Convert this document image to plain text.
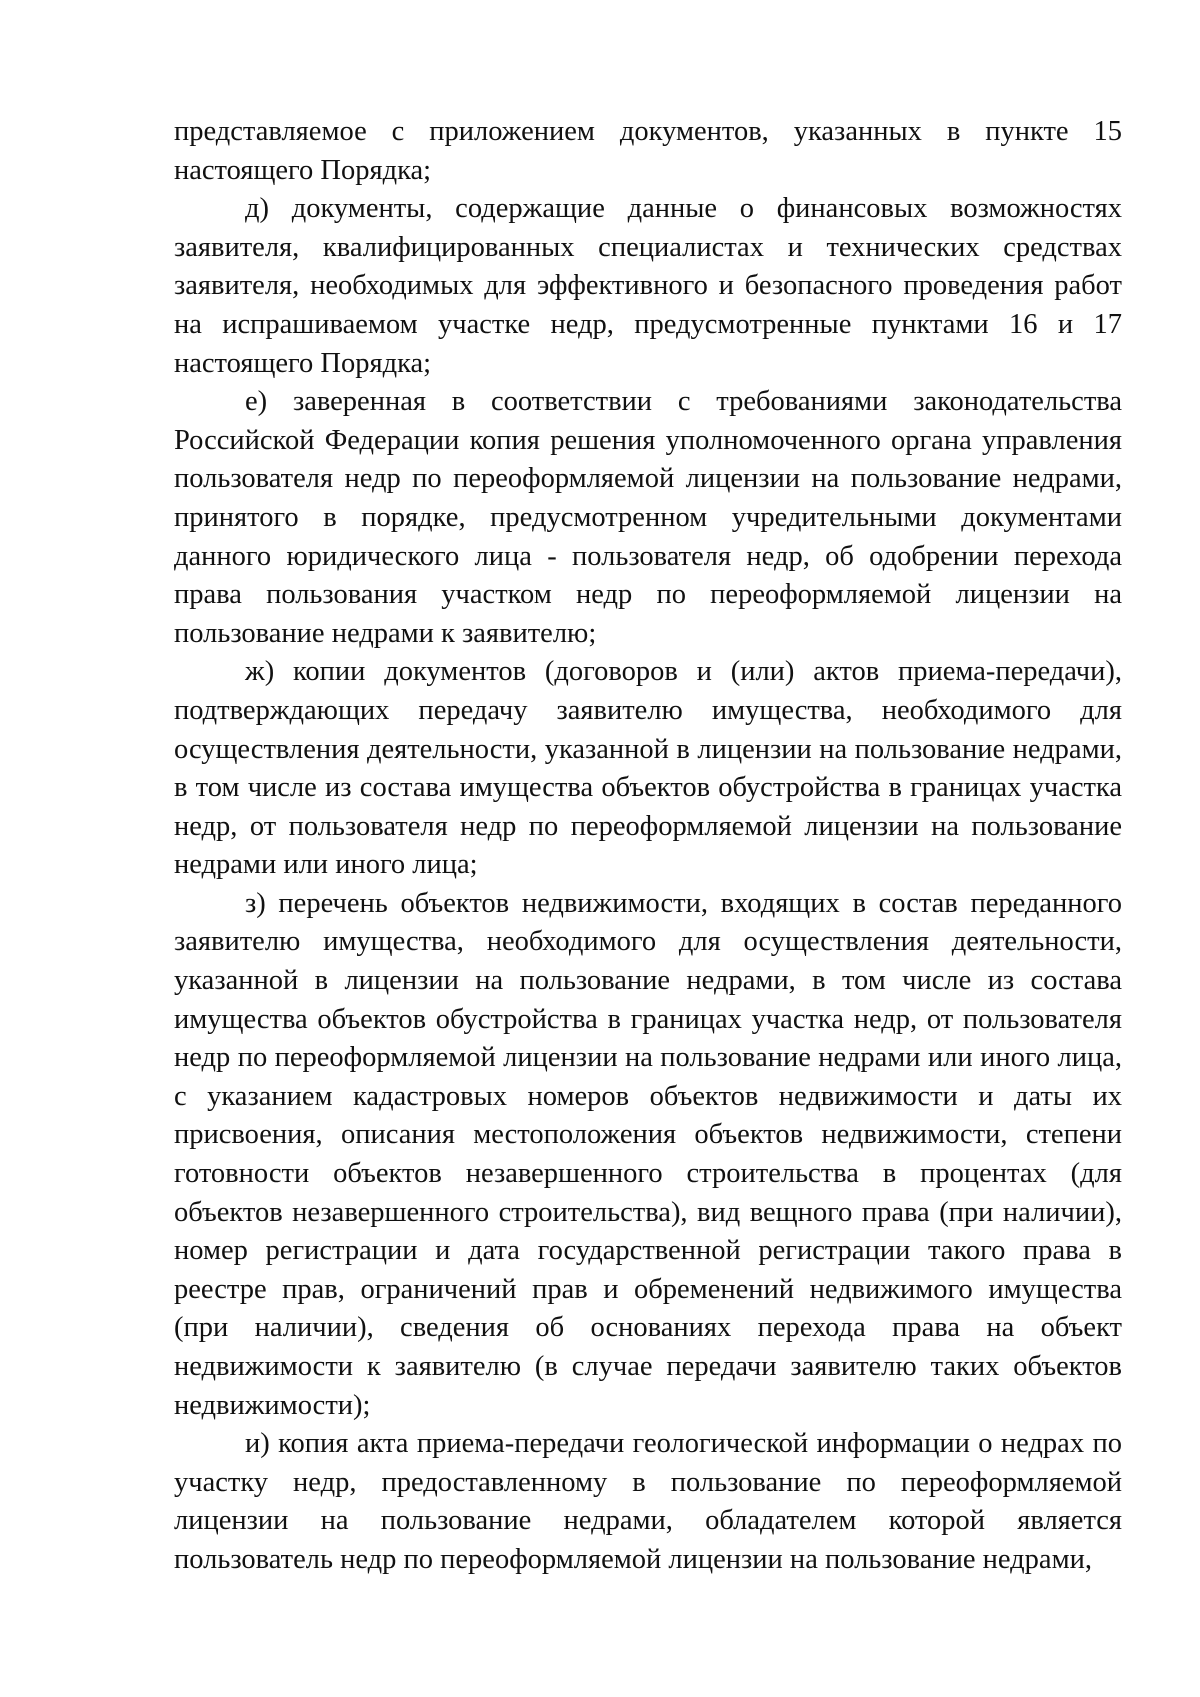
представляемое с приложением документов, указанных в пункте 15 настоящего Порядка;

д) документы, содержащие данные о финансовых возможностях заявителя, квалифицированных специалистах и технических средствах заявителя, необходимых для эффективного и безопасного проведения работ на испрашиваемом участке недр, предусмотренные пунктами 16 и 17 настоящего Порядка;

е) заверенная в соответствии с требованиями законодательства Российской Федерации копия решения уполномоченного органа управления пользователя недр по переоформляемой лицензии на пользование недрами, принятого в порядке, предусмотренном учредительными документами данного юридического лица - пользователя недр, об одобрении перехода права пользования участком недр по переоформляемой лицензии на пользование недрами к заявителю;

ж) копии документов (договоров и (или) актов приема-передачи), подтверждающих передачу заявителю имущества, необходимого для осуществления деятельности, указанной в лицензии на пользование недрами, в том числе из состава имущества объектов обустройства в границах участка недр, от пользователя недр по переоформляемой лицензии на пользование недрами или иного лица;

з) перечень объектов недвижимости, входящих в состав переданного заявителю имущества, необходимого для осуществления деятельности, указанной в лицензии на пользование недрами, в том числе из состава имущества объектов обустройства в границах участка недр, от пользователя недр по переоформляемой лицензии на пользование недрами или иного лица, с указанием кадастровых номеров объектов недвижимости и даты их присвоения, описания местоположения объектов недвижимости, степени готовности объектов незавершенного строительства в процентах (для объектов незавершенного строительства), вид вещного права (при наличии), номер регистрации и дата государственной регистрации такого права в реестре прав, ограничений прав и обременений недвижимого имущества (при наличии), сведения об основаниях перехода права на объект недвижимости к заявителю (в случае передачи заявителю таких объектов недвижимости);

и) копия акта приема-передачи геологической информации о недрах по участку недр, предоставленному в пользование по переоформляемой лицензии на пользование недрами, обладателем которой является пользователь недр по переоформляемой лицензии на пользование недрами,
